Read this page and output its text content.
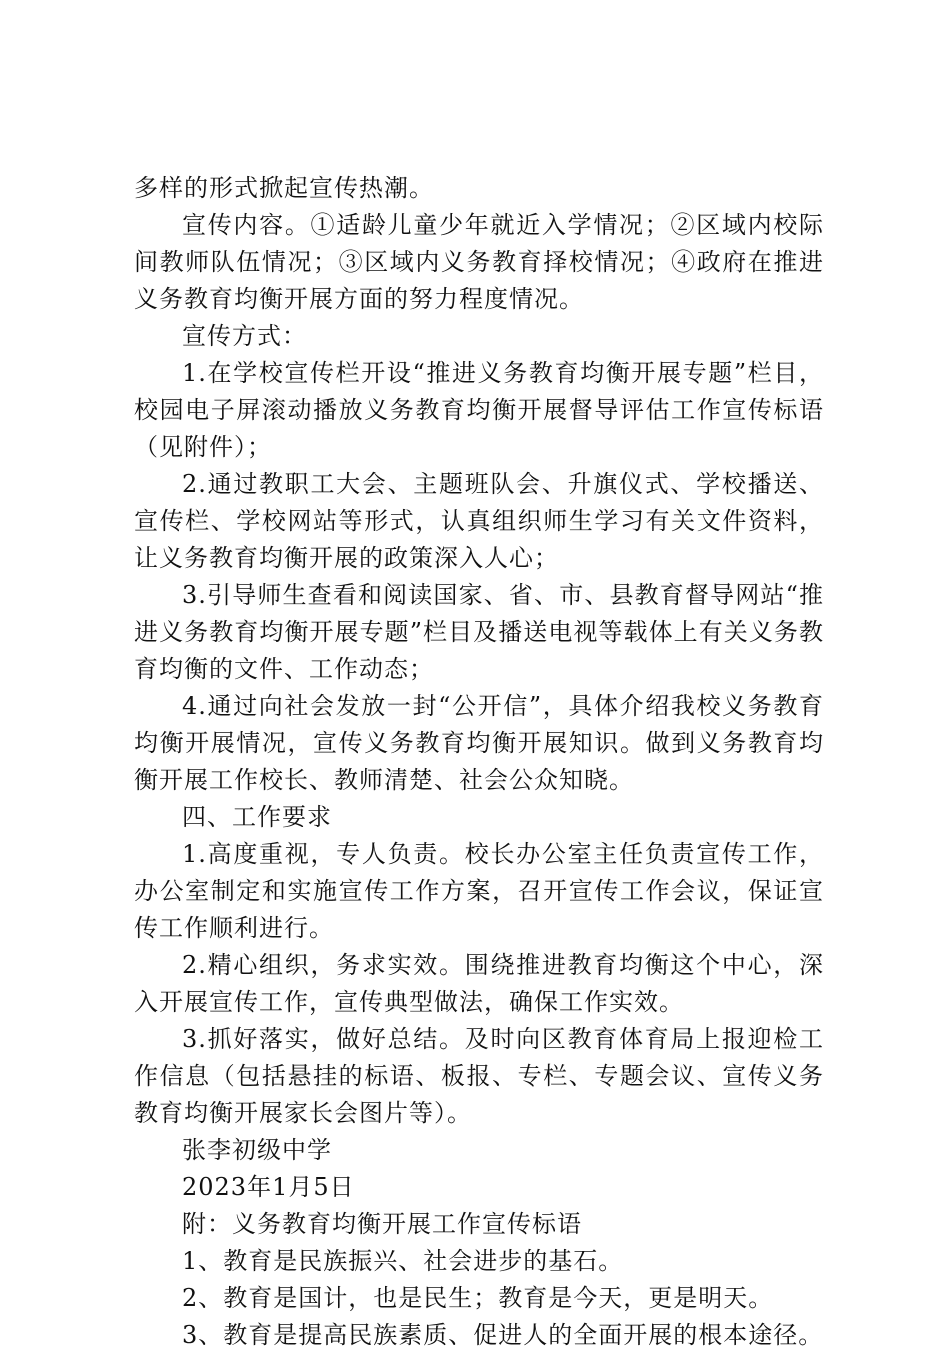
多样的形式掀起宣传热潮。

宣传内容。①适龄儿童少年就近入学情况；②区域内校际间教师队伍情况；③区域内义务教育择校情况；④政府在推进义务教育均衡开展方面的努力程度情况。

宣传方式：

1.在学校宣传栏开设“推进义务教育均衡开展专题”栏目，校园电子屏滚动播放义务教育均衡开展督导评估工作宣传标语（见附件）；

2.通过教职工大会、主题班队会、升旗仪式、学校播送、宣传栏、学校网站等形式，认真组织师生学习有关文件资料，让义务教育均衡开展的政策深入人心；

3.引导师生查看和阅读国家、省、市、县教育督导网站“推进义务教育均衡开展专题”栏目及播送电视等载体上有关义务教育均衡的文件、工作动态；

4.通过向社会发放一封“公开信”，具体介绍我校义务教育均衡开展情况，宣传义务教育均衡开展知识。做到义务教育均衡开展工作校长、教师清楚、社会公众知晓。

四、工作要求

1.高度重视，专人负责。校长办公室主任负责宣传工作，办公室制定和实施宣传工作方案，召开宣传工作会议，保证宣传工作顺利进行。

2.精心组织，务求实效。围绕推进教育均衡这个中心，深入开展宣传工作，宣传典型做法，确保工作实效。

3.抓好落实，做好总结。及时向区教育体育局上报迎检工作信息（包括悬挂的标语、板报、专栏、专题会议、宣传义务教育均衡开展家长会图片等）。

张李初级中学

2023年1月5日

附：义务教育均衡开展工作宣传标语

1、教育是民族振兴、社会进步的基石。

2、教育是国计，也是民生；教育是今天，更是明天。

3、教育是提高民族素质、促进人的全面开展的根本途径。
